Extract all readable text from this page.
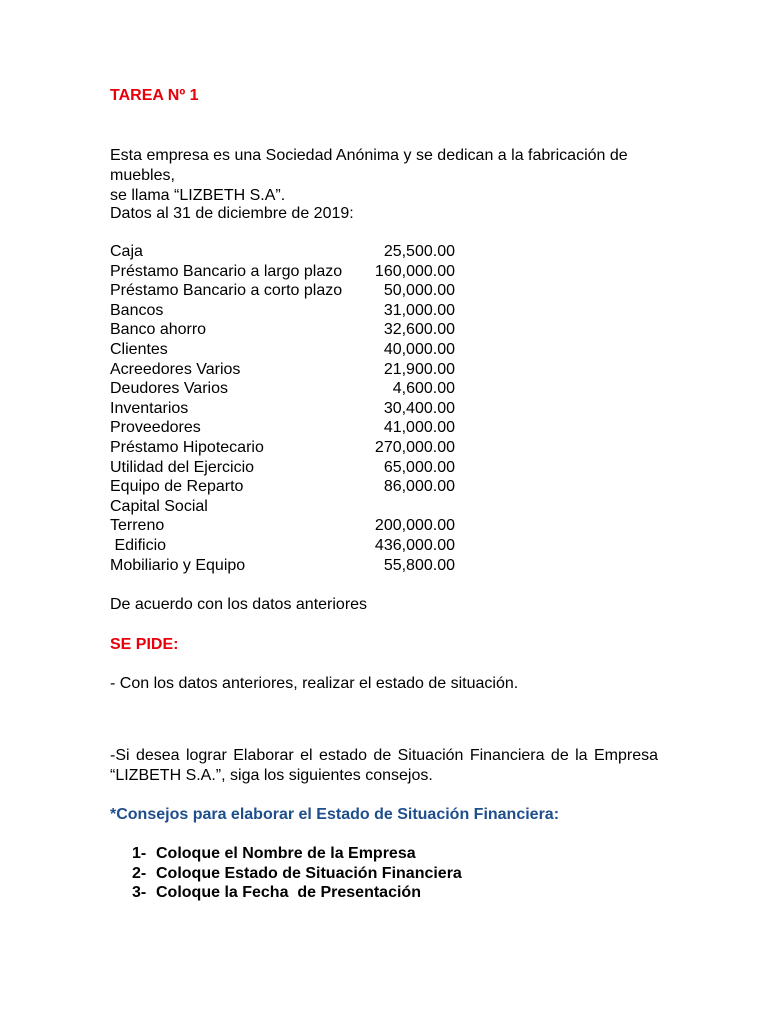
TAREA Nº 1
Esta empresa es una Sociedad Anónima y se dedican a la fabricación de muebles,
se llama “LIZBETH S.A”.
Datos al 31 de diciembre de 2019:
Caja	25,500.00
Préstamo Bancario a largo plazo 160,000.00
Préstamo Bancario a corto plazo	50,000.00
Bancos	31,000.00
Banco ahorro	32,600.00
Clientes	40,000.00
Acreedores Varios	21,900.00
Deudores Varios	4,600.00
Inventarios	30,400.00
Proveedores	41,000.00
Préstamo Hipotecario	270,000.00
Utilidad del Ejercicio	65,000.00
Equipo de Reparto	86,000.00
Capital Social
Terreno	200,000.00
Edificio	436,000.00
Mobiliario y Equipo	55,800.00
De acuerdo con los datos anteriores
SE PIDE:
- Con los datos anteriores, realizar el estado de situación.
-Si desea lograr Elaborar el estado de Situación Financiera de la Empresa
“LIZBETH S.A.”, siga los siguientes consejos.
*Consejos para elaborar el Estado de Situación Financiera:
1- Coloque el Nombre de la Empresa
2- Coloque Estado de Situación Financiera
3- Coloque la Fecha  de Presentación
